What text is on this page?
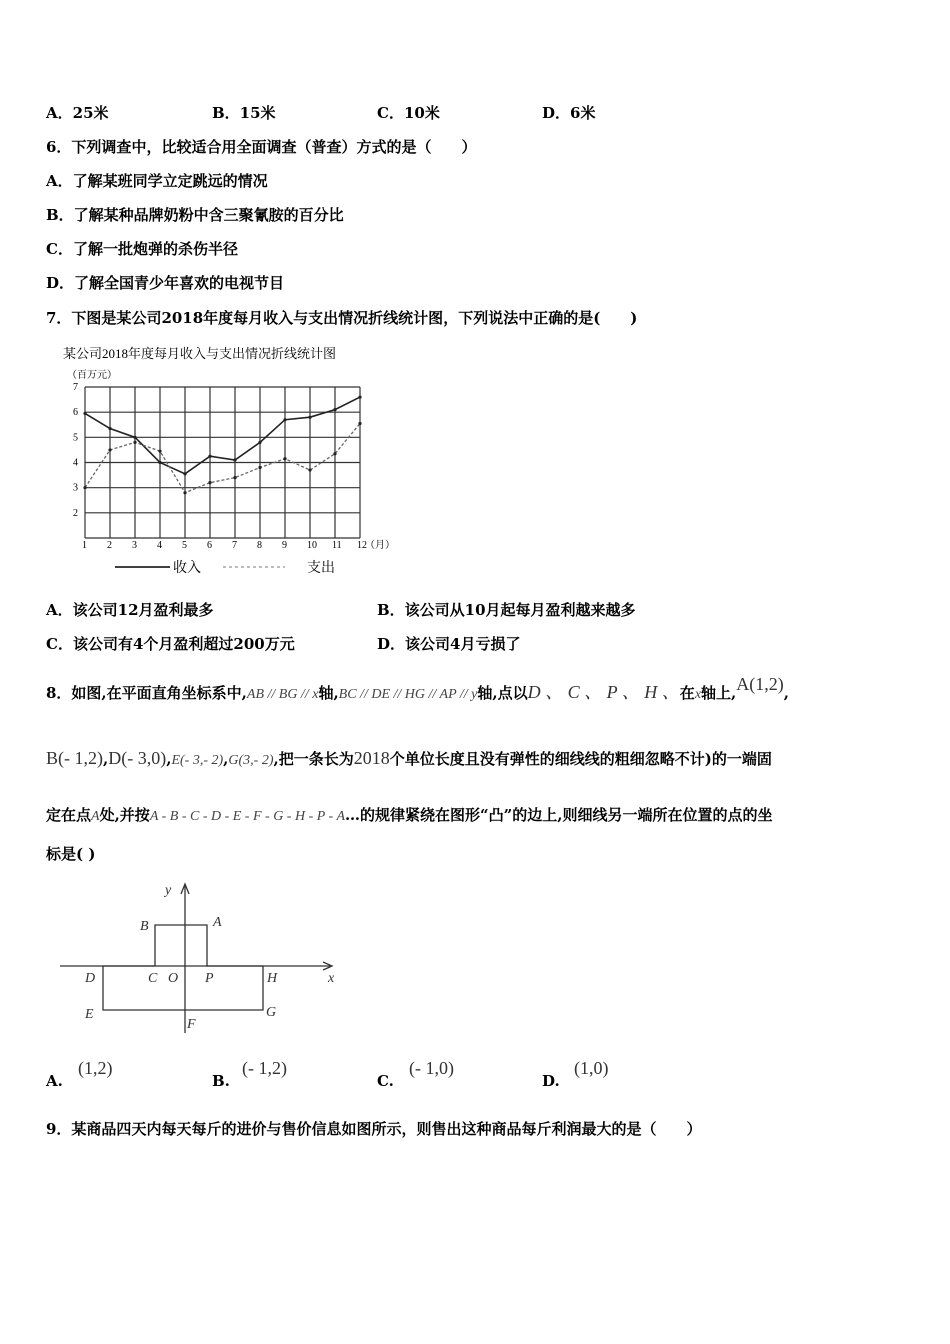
A．25米	B．15米	C．10米	D．6米
6．下列调查中，比较适合用全面调查（普查）方式的是（　　）
A．了解某班同学立定跳远的情况
B．了解某种品牌奶粉中含三聚氰胺的百分比
C．了解一批炮弹的杀伤半径
D．了解全国青少年喜欢的电视节目
7．下图是某公司2018年度每月收入与支出情况折线统计图，下列说法中正确的是(　　)
某公司2018年度每月收入与支出情况折线统计图
（百万元）
1 2 3 4 5 6 7 8 9 10 11 12
2
3
4
5
6
7
（月）
收入	支出
A．该公司12月盈利最多	B．该公司从10月起每月盈利越来越多
C．该公司有4个月盈利超过200万元	D．该公司4月亏损了
8．如图,在平面直角坐标系中,AB // BG // x轴,BC // DE // HG // AP // y轴,点以D 、 C 、 P 、 H 、在x轴上,A(1,2),
B(- 1,2),D(- 3,0),E(- 3,- 2),G(3,- 2),把一条长为2018个单位长度且没有弹性的细线线的粗细忽略不计)的一端固
定在点A处,并按A - B - C - D - E - F - G - H - P - A…的规律紧绕在图形“凸”的边上,则细线另一端所在位置的点的坐
标是( )
y
B	A
D	C O P	H	x
E
F
G
A.
(1,2)
B.
(- 1,2)
C.
(- 1,0)
D.
(1,0)
9．某商品四天内每天每斤的进价与售价信息如图所示，则售出这种商品每斤利润最大的是（　　）
